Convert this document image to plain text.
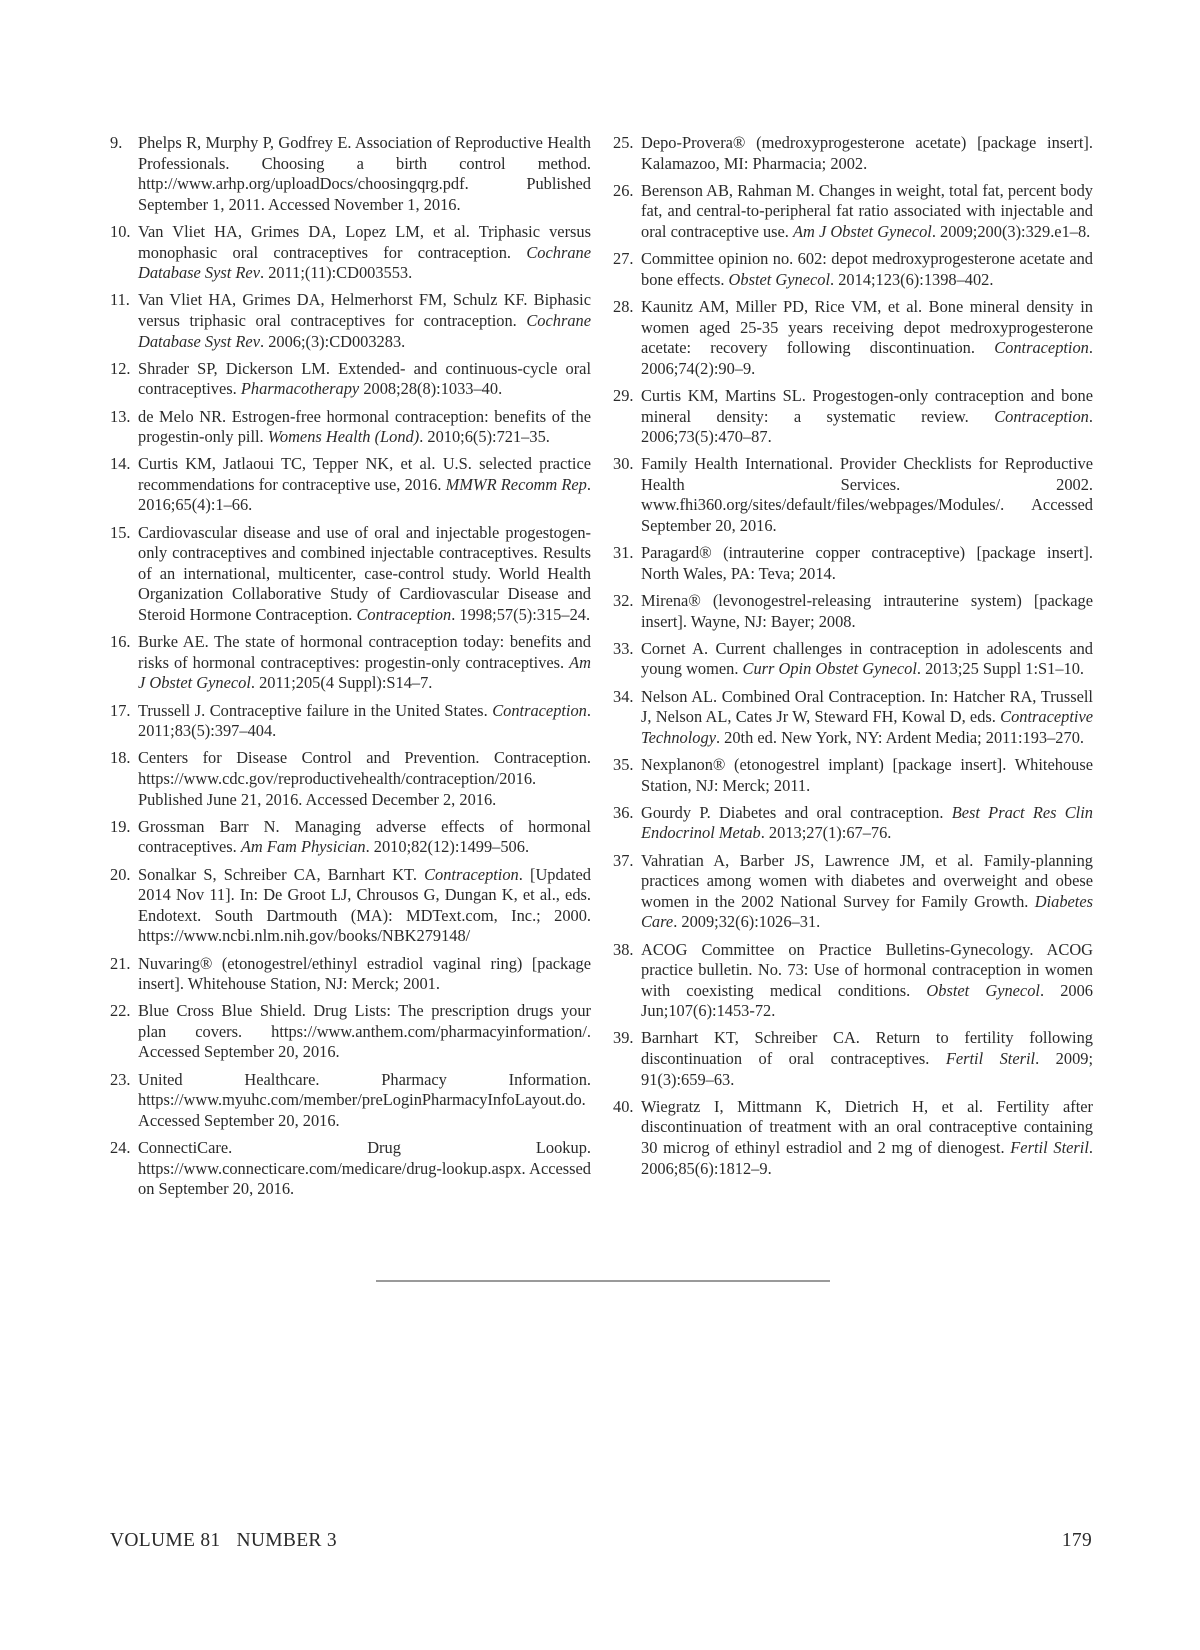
9. Phelps R, Murphy P, Godfrey E. Association of Reproductive Health Professionals. Choosing a birth control method. http://www.arhp.org/uploadDocs/choosingqrg.pdf. Published September 1, 2011. Accessed November 1, 2016.
10. Van Vliet HA, Grimes DA, Lopez LM, et al. Triphasic versus monophasic oral contraceptives for contraception. Cochrane Database Syst Rev. 2011;(11):CD003553.
11. Van Vliet HA, Grimes DA, Helmerhorst FM, Schulz KF. Biphasic versus triphasic oral contraceptives for contraception. Cochrane Database Syst Rev. 2006;(3):CD003283.
12. Shrader SP, Dickerson LM. Extended- and continuous-cycle oral contraceptives. Pharmacotherapy 2008;28(8):1033–40.
13. de Melo NR. Estrogen-free hormonal contraception: benefits of the progestin-only pill. Womens Health (Lond). 2010;6(5):721–35.
14. Curtis KM, Jatlaoui TC, Tepper NK, et al. U.S. selected practice recommendations for contraceptive use, 2016. MMWR Recomm Rep. 2016;65(4):1–66.
15. Cardiovascular disease and use of oral and injectable progestogen-only contraceptives and combined injectable contraceptives. Results of an international, multicenter, case-control study. World Health Organization Collaborative Study of Cardiovascular Disease and Steroid Hormone Contraception. Contraception. 1998;57(5):315–24.
16. Burke AE. The state of hormonal contraception today: benefits and risks of hormonal contraceptives: progestin-only contraceptives. Am J Obstet Gynecol. 2011;205(4 Suppl):S14–7.
17. Trussell J. Contraceptive failure in the United States. Contraception. 2011;83(5):397–404.
18. Centers for Disease Control and Prevention. Contraception. https://www.cdc.gov/reproductivehealth/contraception/2016. Published June 21, 2016. Accessed December 2, 2016.
19. Grossman Barr N. Managing adverse effects of hormonal contraceptives. Am Fam Physician. 2010;82(12):1499–506.
20. Sonalkar S, Schreiber CA, Barnhart KT. Contraception. [Updated 2014 Nov 11]. In: De Groot LJ, Chrousos G, Dungan K, et al., eds. Endotext. South Dartmouth (MA): MDText.com, Inc.; 2000. https://www.ncbi.nlm.nih.gov/books/NBK279148/
21. Nuvaring® (etonogestrel/ethinyl estradiol vaginal ring) [package insert]. Whitehouse Station, NJ: Merck; 2001.
22. Blue Cross Blue Shield. Drug Lists: The prescription drugs your plan covers. https://www.anthem.com/pharmacyinformation/. Accessed September 20, 2016.
23. United Healthcare. Pharmacy Information. https://www.myuhc.com/member/preLoginPharmacyInfoLayout.do. Accessed September 20, 2016.
24. ConnectiCare. Drug Lookup. https://www.connecticare.com/medicare/drug-lookup.aspx. Accessed on September 20, 2016.
25. Depo-Provera® (medroxyprogesterone acetate) [package insert]. Kalamazoo, MI: Pharmacia; 2002.
26. Berenson AB, Rahman M. Changes in weight, total fat, percent body fat, and central-to-peripheral fat ratio associated with injectable and oral contraceptive use. Am J Obstet Gynecol. 2009;200(3):329.e1–8.
27. Committee opinion no. 602: depot medroxyprogesterone acetate and bone effects. Obstet Gynecol. 2014;123(6):1398–402.
28. Kaunitz AM, Miller PD, Rice VM, et al. Bone mineral density in women aged 25-35 years receiving depot medroxyprogesterone acetate: recovery following discontinuation. Contraception. 2006;74(2):90–9.
29. Curtis KM, Martins SL. Progestogen-only contraception and bone mineral density: a systematic review. Contraception. 2006;73(5):470–87.
30. Family Health International. Provider Checklists for Reproductive Health Services. 2002. www.fhi360.org/sites/default/files/webpages/Modules/. Accessed September 20, 2016.
31. Paragard® (intrauterine copper contraceptive) [package insert]. North Wales, PA: Teva; 2014.
32. Mirena® (levonogestrel-releasing intrauterine system) [package insert]. Wayne, NJ: Bayer; 2008.
33. Cornet A. Current challenges in contraception in adolescents and young women. Curr Opin Obstet Gynecol. 2013;25 Suppl 1:S1–10.
34. Nelson AL. Combined Oral Contraception. In: Hatcher RA, Trussell J, Nelson AL, Cates Jr W, Steward FH, Kowal D, eds. Contraceptive Technology. 20th ed. New York, NY: Ardent Media; 2011:193–270.
35. Nexplanon® (etonogestrel implant) [package insert]. Whitehouse Station, NJ: Merck; 2011.
36. Gourdy P. Diabetes and oral contraception. Best Pract Res Clin Endocrinol Metab. 2013;27(1):67–76.
37. Vahratian A, Barber JS, Lawrence JM, et al. Family-planning practices among women with diabetes and overweight and obese women in the 2002 National Survey for Family Growth. Diabetes Care. 2009;32(6):1026–31.
38. ACOG Committee on Practice Bulletins-Gynecology. ACOG practice bulletin. No. 73: Use of hormonal contraception in women with coexisting medical conditions. Obstet Gynecol. 2006 Jun;107(6):1453-72.
39. Barnhart KT, Schreiber CA. Return to fertility following discontinuation of oral contraceptives. Fertil Steril. 2009; 91(3):659–63.
40. Wiegratz I, Mittmann K, Dietrich H, et al. Fertility after discontinuation of treatment with an oral contraceptive containing 30 microg of ethinyl estradiol and 2 mg of dienogest. Fertil Steril. 2006;85(6):1812–9.
VOLUME 81 NUMBER 3	179
